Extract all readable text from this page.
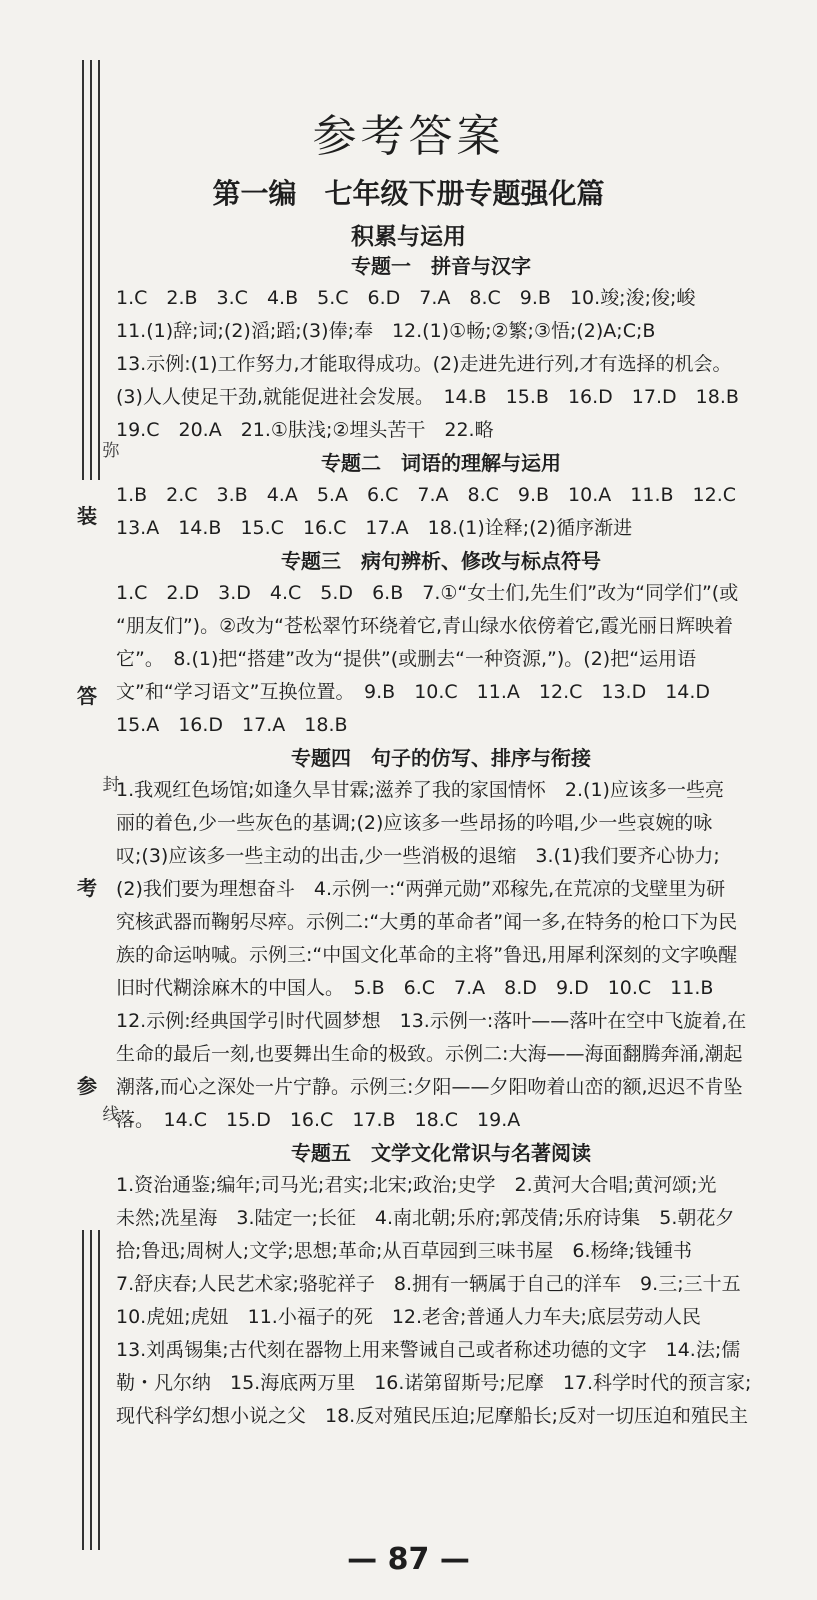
弥
装
答
封
考
参
线
参考答案
第一编　七年级下册专题强化篇
积累与运用
专题一　拼音与汉字
1.C　2.B　3.C　4.B　5.C　6.D　7.A　8.C　9.B　10.竣;浚;俊;峻
11.(1)辞;词;(2)滔;蹈;(3)俸;奉　12.(1)①畅;②繁;③悟;(2)A;C;B
13.示例:(1)工作努力,才能取得成功。(2)走进先进行列,才有选择的机会。
(3)人人使足干劲,就能促进社会发展。　14.B　15.B　16.D　17.D　18.B
19.C　20.A　21.①肤浅;②埋头苦干　22.略
专题二　词语的理解与运用
1.B　2.C　3.B　4.A　5.A　6.C　7.A　8.C　9.B　10.A　11.B　12.C
13.A　14.B　15.C　16.C　17.A　18.(1)诠释;(2)循序渐进
专题三　病句辨析、修改与标点符号
1.C　2.D　3.D　4.C　5.D　6.B　7.①“女士们,先生们”改为“同学们”(或
“朋友们”)。②改为“苍松翠竹环绕着它,青山绿水依傍着它,霞光丽日辉映着
它”。　8.(1)把“搭建”改为“提供”(或删去“一种资源,”)。(2)把“运用语
文”和“学习语文”互换位置。　9.B　10.C　11.A　12.C　13.D　14.D
15.A　16.D　17.A　18.B
专题四　句子的仿写、排序与衔接
1.我观红色场馆;如逢久旱甘霖;滋养了我的家国情怀　2.(1)应该多一些亮
丽的着色,少一些灰色的基调;(2)应该多一些昂扬的吟唱,少一些哀婉的咏
叹;(3)应该多一些主动的出击,少一些消极的退缩　3.(1)我们要齐心协力;
(2)我们要为理想奋斗　4.示例一:“两弹元勋”邓稼先,在荒凉的戈壁里为研
究核武器而鞠躬尽瘁。示例二:“大勇的革命者”闻一多,在特务的枪口下为民
族的命运呐喊。示例三:“中国文化革命的主将”鲁迅,用犀利深刻的文字唤醒
旧时代糊涂麻木的中国人。　5.B　6.C　7.A　8.D　9.D　10.C　11.B
12.示例:经典国学引时代圆梦想　13.示例一:落叶——落叶在空中飞旋着,在
生命的最后一刻,也要舞出生命的极致。示例二:大海——海面翻腾奔涌,潮起
潮落,而心之深处一片宁静。示例三:夕阳——夕阳吻着山峦的额,迟迟不肯坠
落。　14.C　15.D　16.C　17.B　18.C　19.A
专题五　文学文化常识与名著阅读
1.资治通鉴;编年;司马光;君实;北宋;政治;史学　2.黄河大合唱;黄河颂;光
未然;冼星海　3.陆定一;长征　4.南北朝;乐府;郭茂倩;乐府诗集　5.朝花夕
拾;鲁迅;周树人;文学;思想;革命;从百草园到三味书屋　6.杨绛;钱锺书
7.舒庆春;人民艺术家;骆驼祥子　8.拥有一辆属于自己的洋车　9.三;三十五
10.虎妞;虎妞　11.小福子的死　12.老舍;普通人力车夫;底层劳动人民
13.刘禹锡集;古代刻在器物上用来警诫自己或者称述功德的文字　14.法;儒
勒・凡尔纳　15.海底两万里　16.诺第留斯号;尼摩　17.科学时代的预言家;
现代科学幻想小说之父　18.反对殖民压迫;尼摩船长;反对一切压迫和殖民主
— 87 —
